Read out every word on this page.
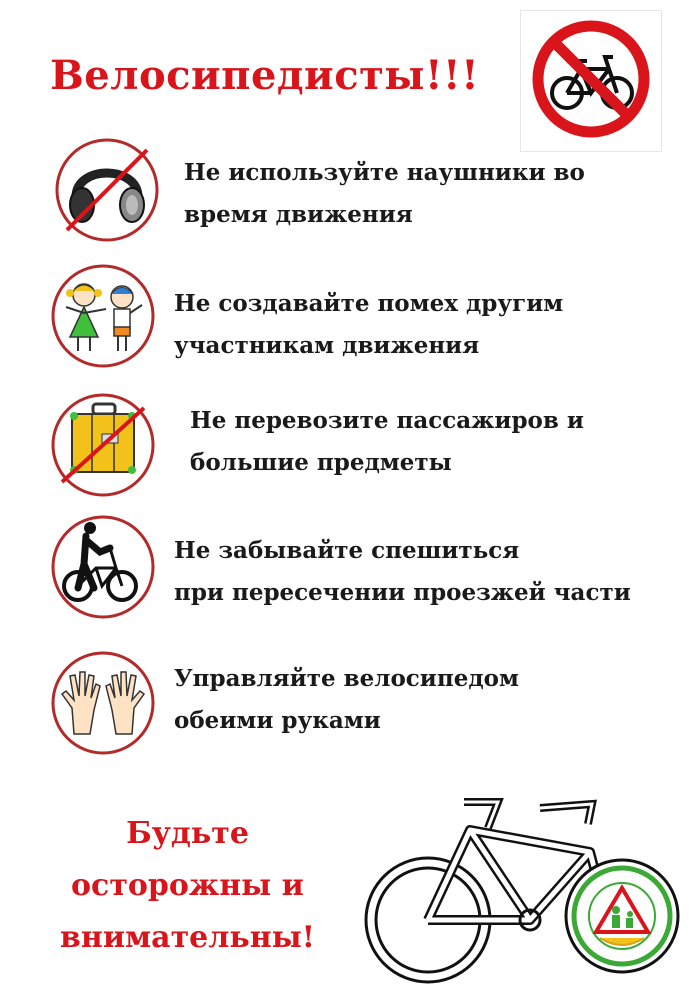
Велосипедисты!!!
Не используйте наушники во
время движения
Не создавайте помех другим
участникам движения
Не перевозите пассажиров и
большие предметы
Не забывайте спешиться
при пересечении проезжей части
Управляйте велосипедом
обеими руками
Будьте
осторожны и
внимательны!
